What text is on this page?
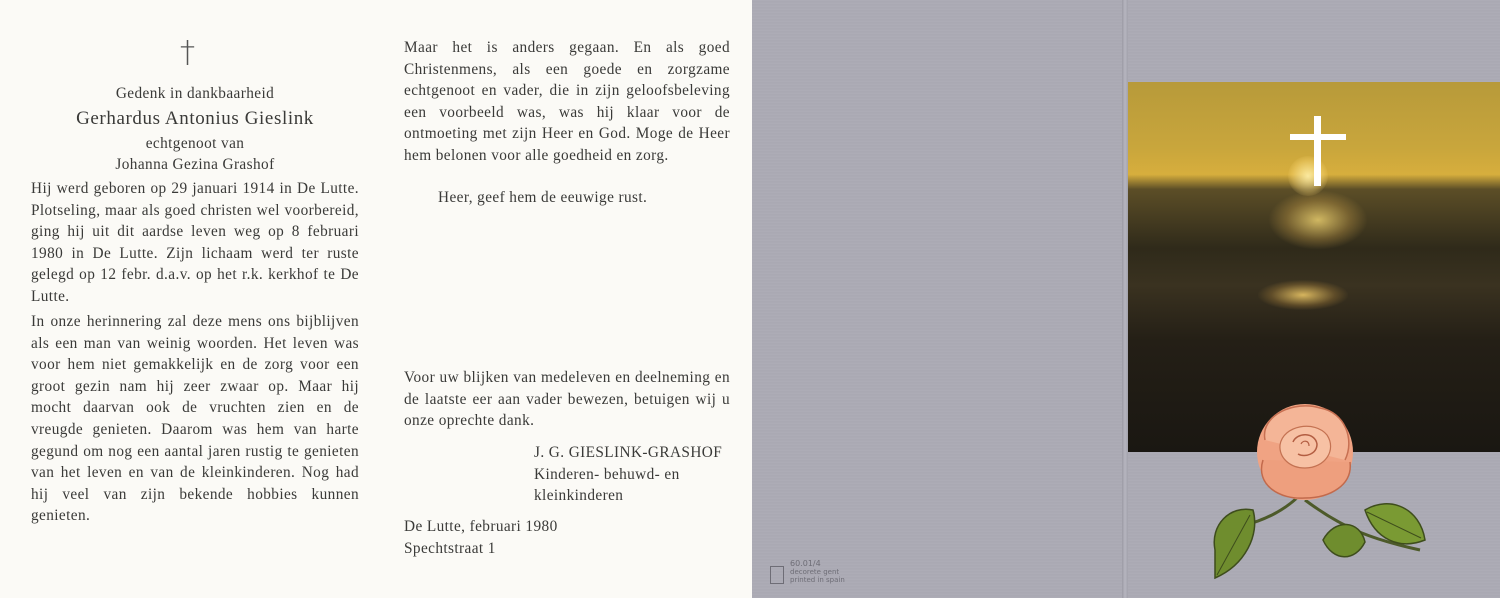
†
Gedenk in dankbaarheid
Gerhardus Antonius Gieslink
echtgenoot van
Johanna Gezina Grashof

Hij werd geboren op 29 januari 1914 in De Lutte. Plotseling, maar als goed christen wel voorbereid, ging hij uit dit aardse leven weg op 8 februari 1980 in De Lutte. Zijn lichaam werd ter ruste gelegd op 12 febr. d.a.v. op het r.k. kerkhof te De Lutte.

In onze herinnering zal deze mens ons bijblijven als een man van weinig woorden. Het leven was voor hem niet gemakkelijk en de zorg voor een groot gezin nam hij zeer zwaar op. Maar hij mocht daarvan ook de vruchten zien en de vreugde genieten. Daarom was hem van harte gegund om nog een aantal jaren rustig te genieten van het leven en van de kleinkinderen. Nog had hij veel van zijn bekende hobbies kunnen genieten.

Maar het is anders gegaan. En als goed Christenmens, als een goede en zorgzame echtgenoot en vader, die in zijn geloofsbeleving een voorbeeld was, was hij klaar voor de ontmoeting met zijn Heer en God. Moge de Heer hem belonen voor alle goedheid en zorg.

Heer, geef hem de eeuwige rust.

Voor uw blijken van medeleven en deelneming en de laatste eer aan vader bewezen, betuigen wij u onze oprechte dank.

J. G. GIESLINK-GRASHOF
Kinderen- behuwd- en
kleinkinderen
De Lutte, februari 1980
Spechtstraat 1
60.01/4
decorete gent
printed in spain
